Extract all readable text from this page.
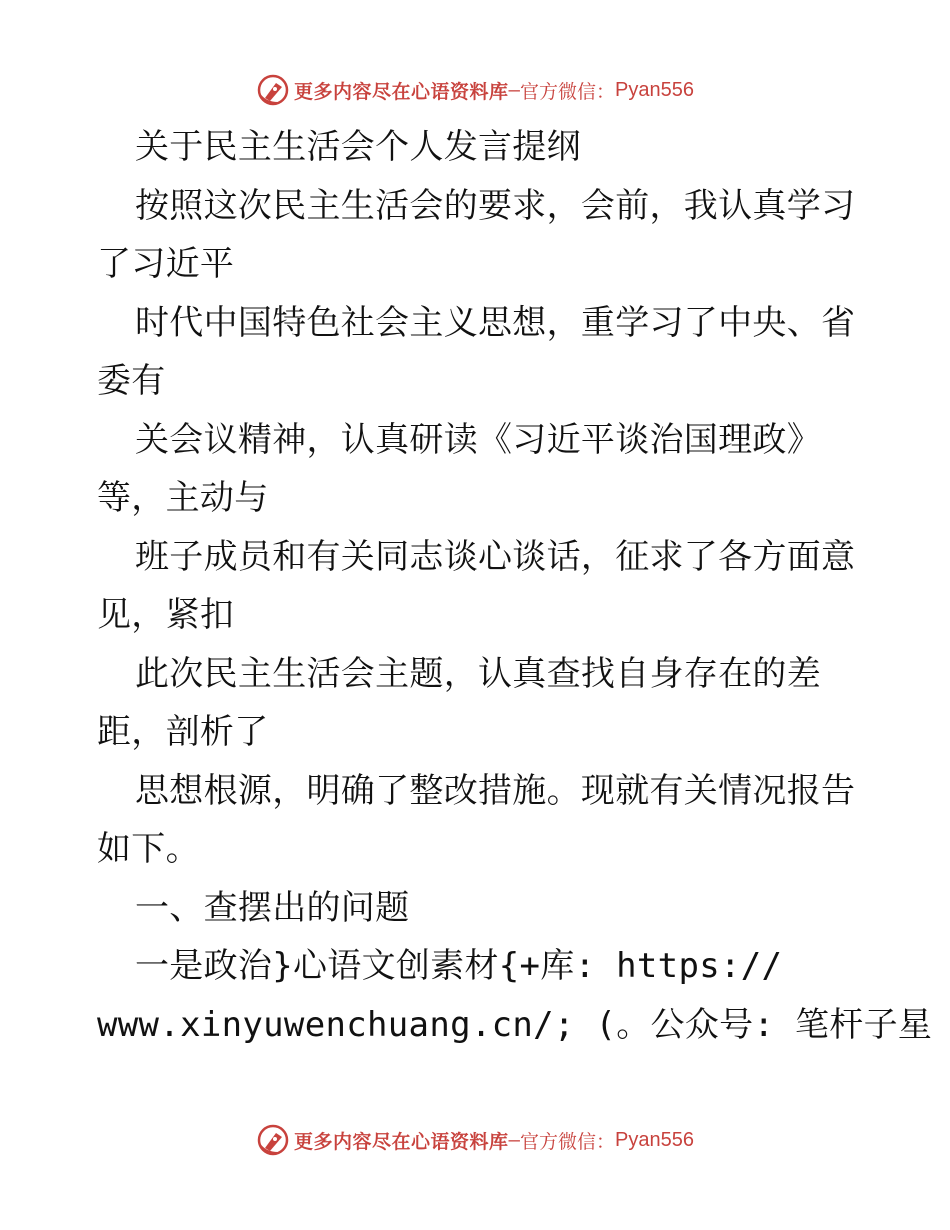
更多内容尽在心语资料库 — 官方微信： Pyan556
关于民主生活会个人发言提纲
按照这次民主生活会的要求，会前，我认真学习
了习近平
时代中国特色社会主义思想，重学习了中央、省
委有
关会议精神，认真研读《习近平谈治国理政》
等，主动与
班子成员和有关同志谈心谈话，征求了各方面意
见，紧扣
此次民主生活会主题，认真查找自身存在的差
距，剖析了
思想根源，明确了整改措施。现就有关情况报告
如下。
一、查摆出的问题
一是政治}心语文创素材{+库: https://
www.xinyuwenchuang.cn/; (。公众号: 笔杆子星
更多内容尽在心语资料库 — 官方微信： Pyan556
